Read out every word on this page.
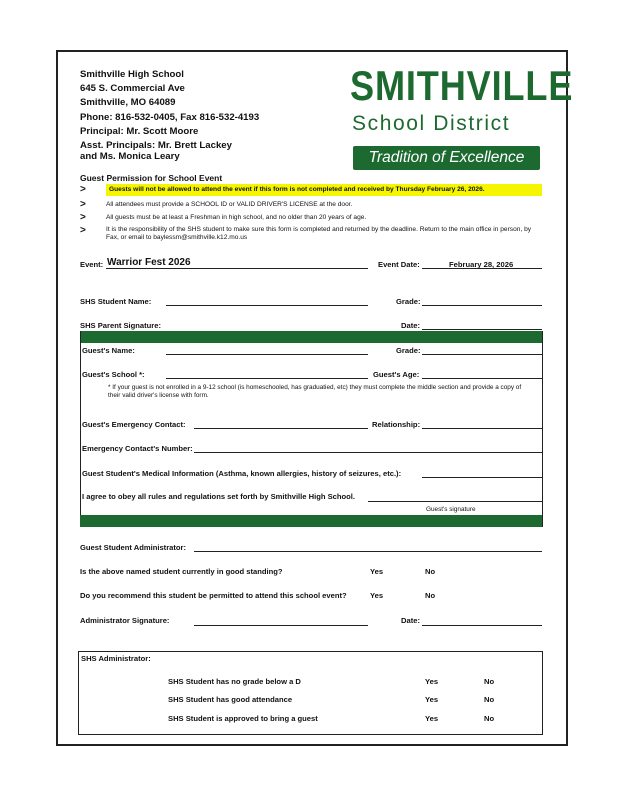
Smithville High School
645 S. Commercial Ave
Smithville, MO 64089
Phone: 816-532-0405, Fax 816-532-4193
Principal: Mr. Scott Moore
Asst. Principals: Mr. Brett Lackey
and Ms. Monica Leary
SMITHVILLE
School District
Tradition of Excellence
Guest Permission for School Event
>	Guests will not be allowed to attend the event if this form is not completed and received by Thursday February 26, 2026.
>	All attendees must provide a SCHOOL ID or VALID DRIVER'S LICENSE at the door.
>	All guests must be at least a Freshman in high school, and no older than 20 years of age.
>	It is the responsibility of the SHS student to make sure this form is completed and returned by the deadline. Return to the main office in person, by Fax, or email to baylessm@smithville.k12.mo.us
Event: Warrior Fest 2026	Event Date:	February 28, 2026
SHS Student Name:	Grade:
SHS Parent Signature:	Date:
Guest's Name:	Grade:
Guest's School *:	Guest's Age:
* If your guest is not enrolled in a 9-12 school (is homeschooled, has graduatied, etc) they must complete the middle section and provide a copy of their valid driver's license with form.
Guest's Emergency Contact:	Relationship:
Emergency Contact's Number:
Guest Student's Medical Information (Asthma, known allergies, history of seizures, etc.):
I agree to obey all rules and regulations set forth by Smithville High School.
Guest's signature
Guest Student Administrator:
Is the above named student currently in good standing?	Yes	No
Do you recommend this student be permitted to attend this school event?	Yes	No
Administrator Signature:	Date:
SHS Administrator:
SHS Student has no grade below a D	Yes	No
SHS Student has good attendance	Yes	No
SHS Student is approved to bring a guest	Yes	No
